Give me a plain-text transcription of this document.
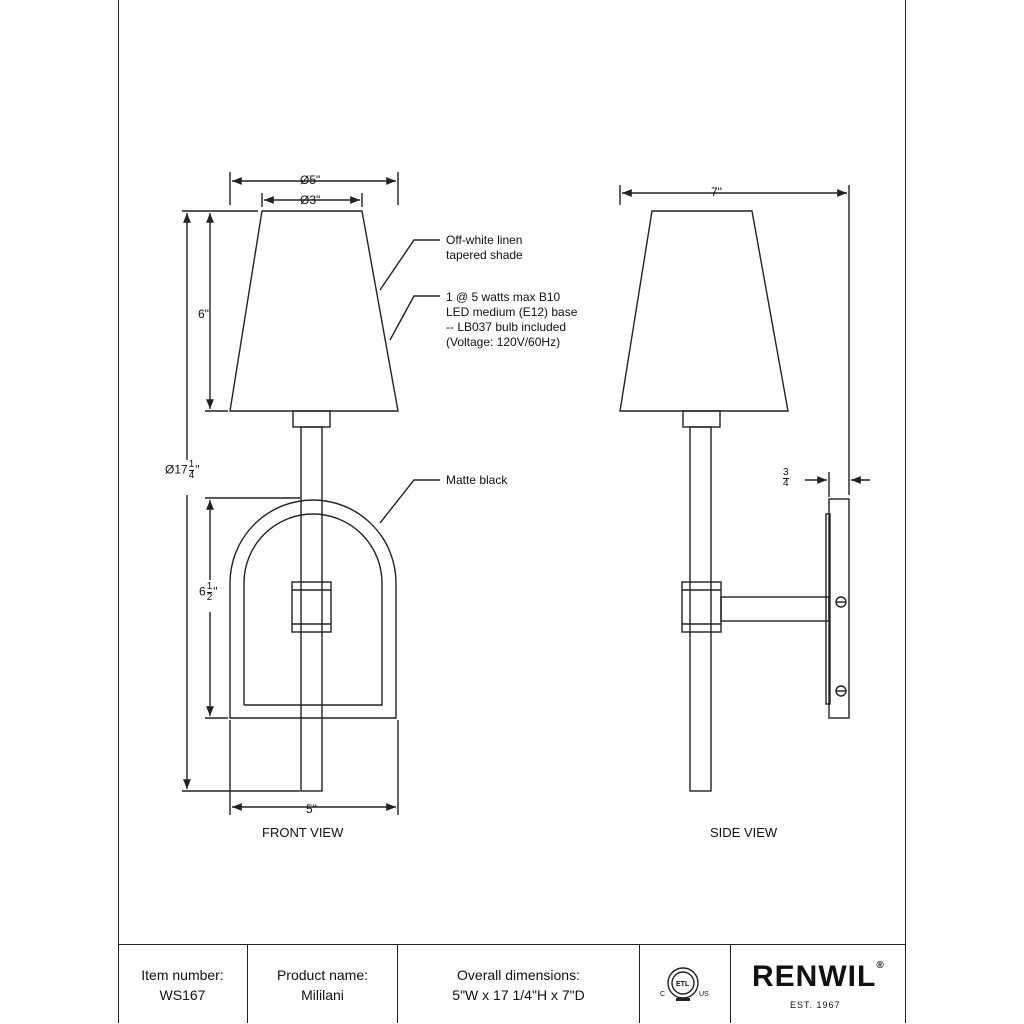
Off-white linen
tapered shade
1 @ 5 watts max B10
LED medium (E12) base
-- LB037 bulb included
(Voltage: 120V/60Hz)
Matte black
Ø5"
Ø3"
6"
Ø17 $\frac{1}{4}$ "
$6 \frac{1}{2}$ "
5"
7"
$\frac{3}{4}$
FRONT VIEW	SIDE VIEW
Item number:
WS167
Product name:
Mililani
Overall dimensions:
5"W x 17 1/4"H x 7"D	C	US
ETL RENWIL®
EST. 1967
